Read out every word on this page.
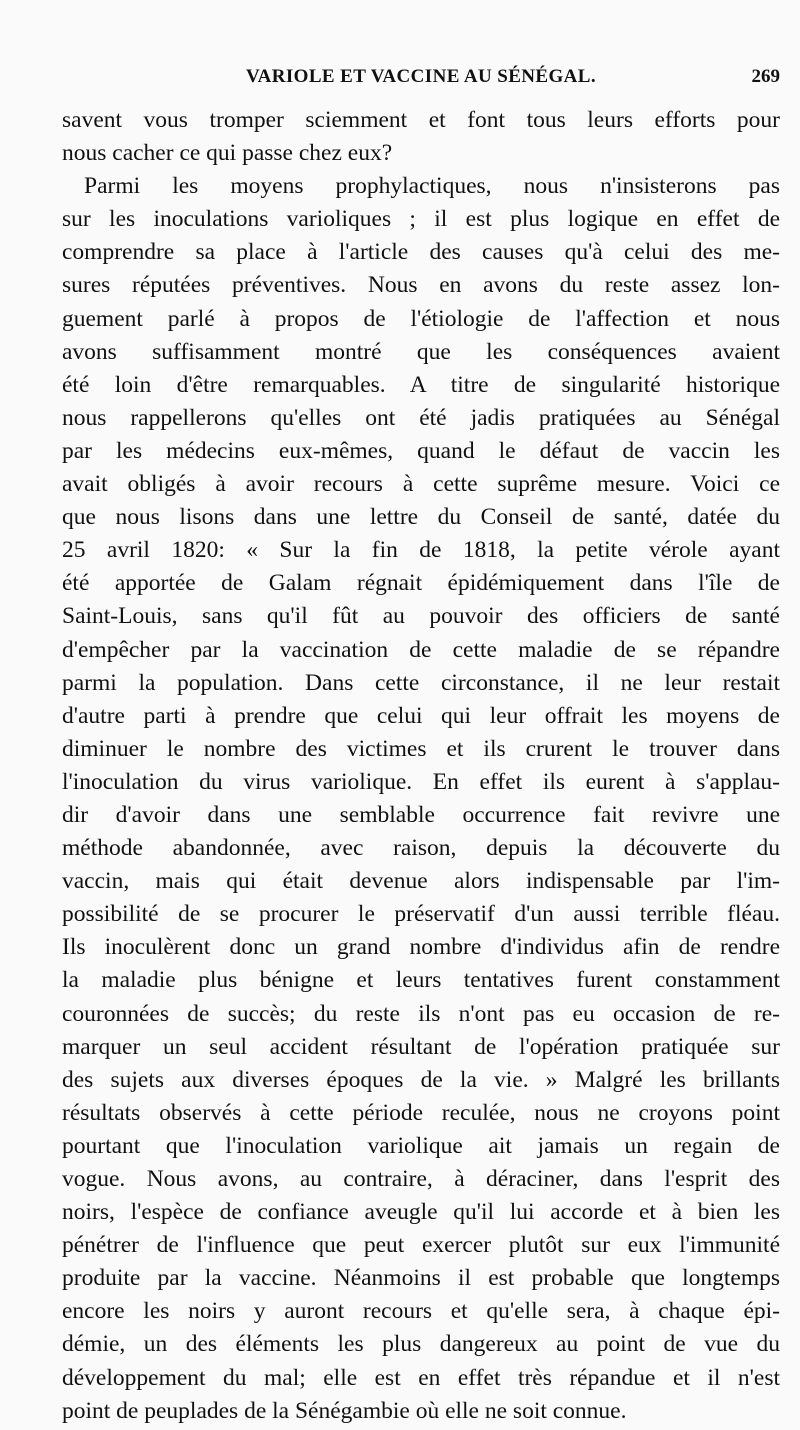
VARIOLE ET VACCINE AU SÉNÉGAL.	269
savent vous tromper sciemment et font tous leurs efforts pour
nous cacher ce qui passe chez eux?
Parmi les moyens prophylactiques, nous n'insisterons pas
sur les inoculations varioliques ; il est plus logique en effet de
comprendre sa place à l'article des causes qu'à celui des me-
sures réputées préventives. Nous en avons du reste assez lon-
guement parlé à propos de l'étiologie de l'affection et nous
avons suffisamment montré que les conséquences avaient
été loin d'être remarquables. A titre de singularité historique
nous rappellerons qu'elles ont été jadis pratiquées au Sénégal
par les médecins eux-mêmes, quand le défaut de vaccin les
avait obligés à avoir recours à cette suprême mesure. Voici ce
que nous lisons dans une lettre du Conseil de santé, datée du
25 avril 1820: « Sur la fin de 1818, la petite vérole ayant
été apportée de Galam régnait épidémiquement dans l'île de
Saint-Louis, sans qu'il fût au pouvoir des officiers de santé
d'empêcher par la vaccination de cette maladie de se répandre
parmi la population. Dans cette circonstance, il ne leur restait
d'autre parti à prendre que celui qui leur offrait les moyens de
diminuer le nombre des victimes et ils crurent le trouver dans
l'inoculation du virus variolique. En effet ils eurent à s'applau-
dir d'avoir dans une semblable occurrence fait revivre une
méthode abandonnée, avec raison, depuis la découverte du
vaccin, mais qui était devenue alors indispensable par l'im-
possibilité de se procurer le préservatif d'un aussi terrible fléau.
Ils inoculèrent donc un grand nombre d'individus afin de rendre
la maladie plus bénigne et leurs tentatives furent constamment
couronnées de succès; du reste ils n'ont pas eu occasion de re-
marquer un seul accident résultant de l'opération pratiquée sur
des sujets aux diverses époques de la vie. » Malgré les brillants
résultats observés à cette période reculée, nous ne croyons point
pourtant que l'inoculation variolique ait jamais un regain de
vogue. Nous avons, au contraire, à déraciner, dans l'esprit des
noirs, l'espèce de confiance aveugle qu'il lui accorde et à bien les
pénétrer de l'influence que peut exercer plutôt sur eux l'immunité
produite par la vaccine. Néanmoins il est probable que longtemps
encore les noirs y auront recours et qu'elle sera, à chaque épi-
démie, un des éléments les plus dangereux au point de vue du
développement du mal; elle est en effet très répandue et il n'est
point de peuplades de la Sénégambie où elle ne soit connue.
